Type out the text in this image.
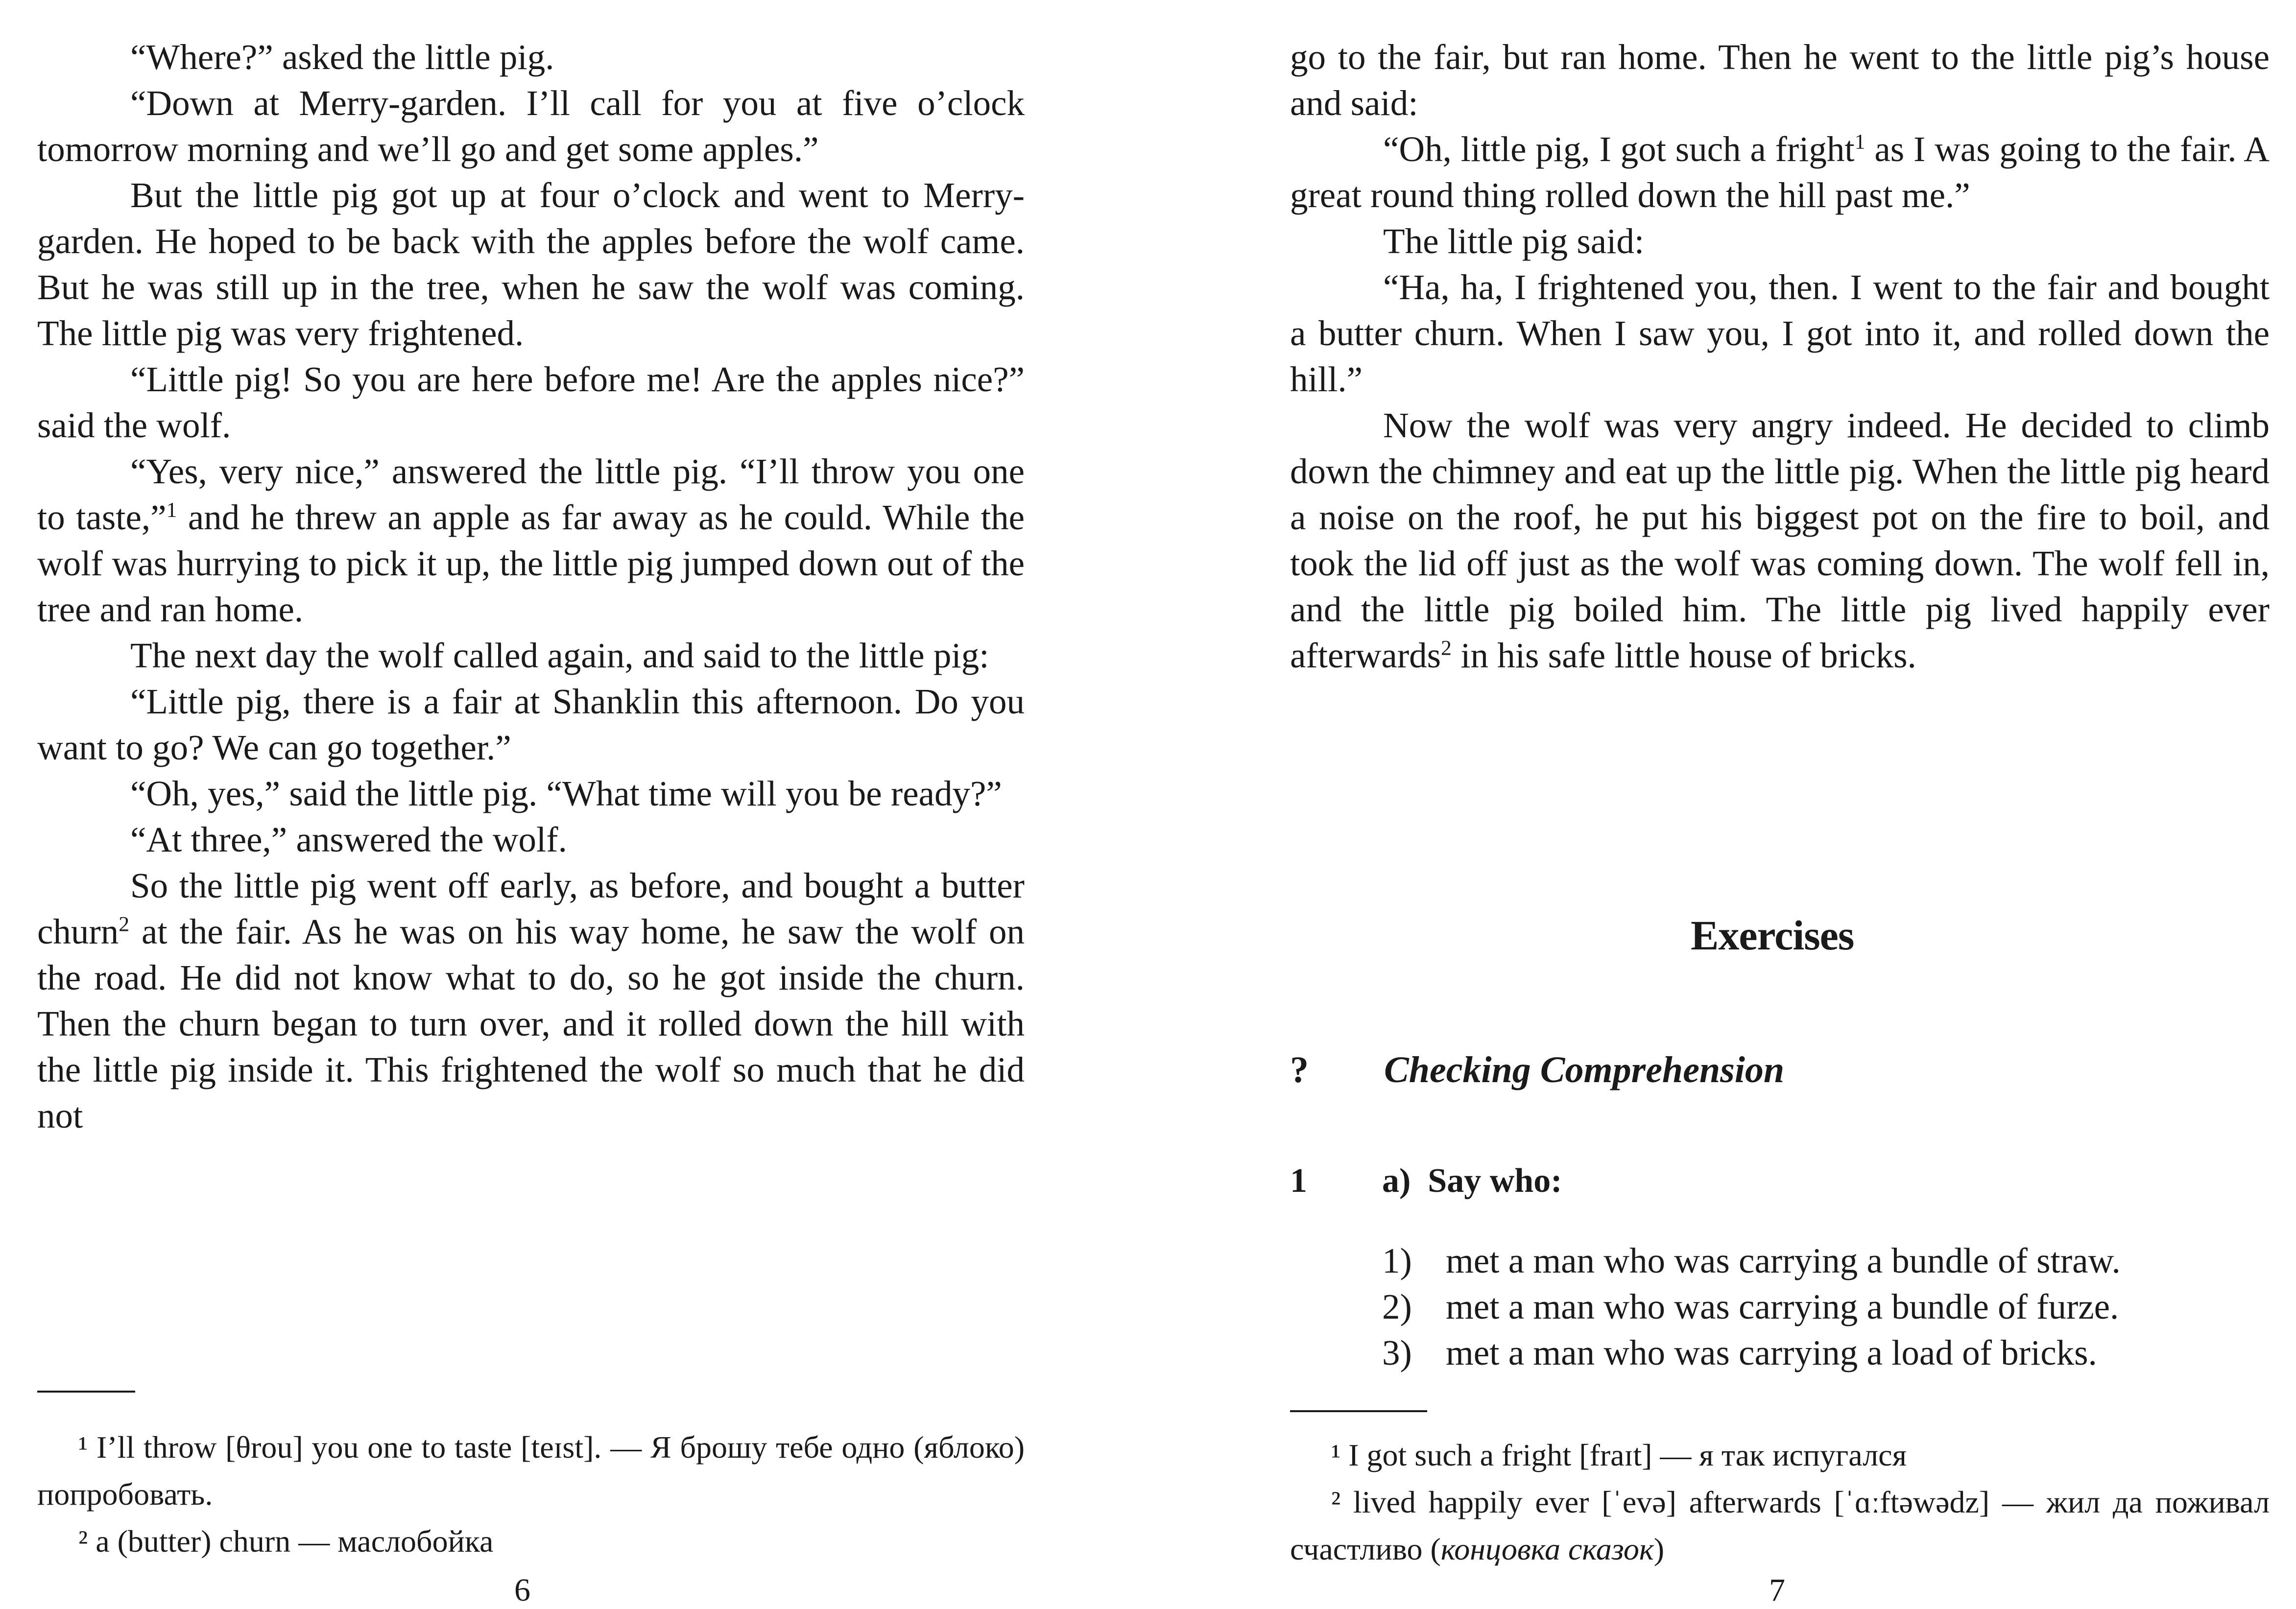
“Where?” asked the little pig.

“Down at Merry-garden. I’ll call for you at five o’clock tomorrow morning and we’ll go and get some apples.”

But the little pig got up at four o’clock and went to Merry-garden. He hoped to be back with the apples before the wolf came. But he was still up in the tree, when he saw the wolf was coming. The little pig was very frightened.

“Little pig! So you are here before me! Are the apples nice?” said the wolf.

“Yes, very nice,” answered the little pig. “I’ll throw you one to taste,”$^1$ and he threw an apple as far away as he could. While the wolf was hurrying to pick it up, the little pig jumped down out of the tree and ran home.

The next day the wolf called again, and said to the little pig:

“Little pig, there is a fair at Shanklin this afternoon. Do you want to go? We can go together.”

“Oh, yes,” said the little pig. “What time will you be ready?”

“At three,” answered the wolf.

So the little pig went off early, as before, and bought a butter churn$^2$ at the fair. As he was on his way home, he saw the wolf on the road. He did not know what to do, so he got inside the churn. Then the churn began to turn over, and it rolled down the hill with the little pig inside it. This frightened the wolf so much that he did not

¹ I’ll throw [θrou] you one to taste [teɪst]. — Я брошу тебе одно (яблоко) попробовать.

² a (butter) churn — маслобойка

6

go to the fair, but ran home. Then he went to the little pig’s house and said:

“Oh, little pig, I got such a fright$^1$ as I was going to the fair. A great round thing rolled down the hill past me.”

The little pig said:

“Ha, ha, I frightened you, then. I went to the fair and bought a butter churn. When I saw you, I got into it, and rolled down the hill.”

Now the wolf was very angry indeed. He decided to climb down the chimney and eat up the little pig. When the little pig heard a noise on the roof, he put his biggest pot on the fire to boil, and took the lid off just as the wolf was coming down. The wolf fell in, and the little pig boiled him. The little pig lived happily ever afterwards$^2$ in his safe little house of bricks.

Exercises
? Checking Comprehension
1 a)  Say who:
1) met a man who was carrying a bundle of straw.
2) met a man who was carrying a bundle of furze.
3) met a man who was carrying a load of bricks.

¹ I got such a fright [fraɪt] — я так испугался

² lived happily ever [ˈevə] afterwards [ˈɑːftəwədz] — жил да поживал счастливо (концовка сказок)

7
